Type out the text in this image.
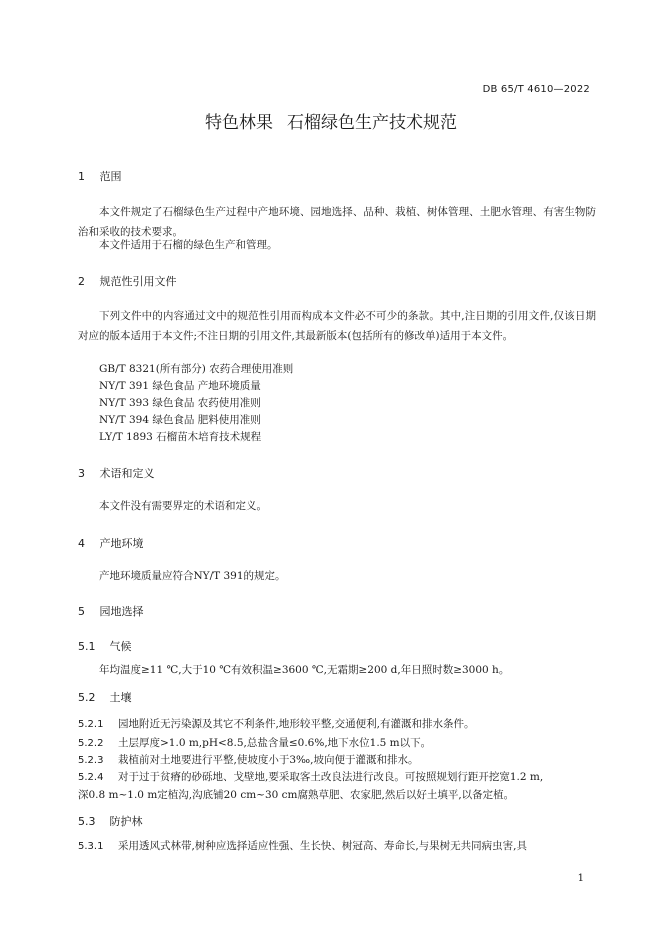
DB 65/T 4610—2022
特色林果 石榴绿色生产技术规范
1 范围
本文件规定了石榴绿色生产过程中产地环境、园地选择、品种、栽植、树体管理、土肥水管理、有害生物防治和采收的技术要求。
本文件适用于石榴的绿色生产和管理。
2 规范性引用文件
下列文件中的内容通过文中的规范性引用而构成本文件必不可少的条款。其中,注日期的引用文件,仅该日期对应的版本适用于本文件;不注日期的引用文件,其最新版本(包括所有的修改单)适用于本文件。
GB/T 8321(所有部分) 农药合理使用准则
NY/T 391 绿色食品 产地环境质量
NY/T 393 绿色食品 农药使用准则
NY/T 394 绿色食品 肥料使用准则
LY/T 1893 石榴苗木培育技术规程
3 术语和定义
本文件没有需要界定的术语和定义。
4 产地环境
产地环境质量应符合NY/T 391的规定。
5 园地选择
5.1 气候
年均温度≥11 ℃,大于10 ℃有效积温≥3600 ℃,无霜期≥200 d,年日照时数≥3000 h。
5.2 土壤
5.2.1 园地附近无污染源及其它不利条件,地形较平整,交通便利,有灌溉和排水条件。
5.2.2 土层厚度>1.0 m,pH<8.5,总盐含量≤0.6%,地下水位1.5 m以下。
5.2.3 栽植前对土地要进行平整,使坡度小于3‰,坡向便于灌溉和排水。
5.2.4 对于过于贫瘠的砂砾地、戈壁地,要采取客土改良法进行改良。可按照规划行距开挖宽1.2 m,
深0.8 m~1.0 m定植沟,沟底铺20 cm~30 cm腐熟草肥、农家肥,然后以好土填平,以备定植。
5.3 防护林
5.3.1 采用透风式林带,树种应选择适应性强、生长快、树冠高、寿命长,与果树无共同病虫害,具
1
